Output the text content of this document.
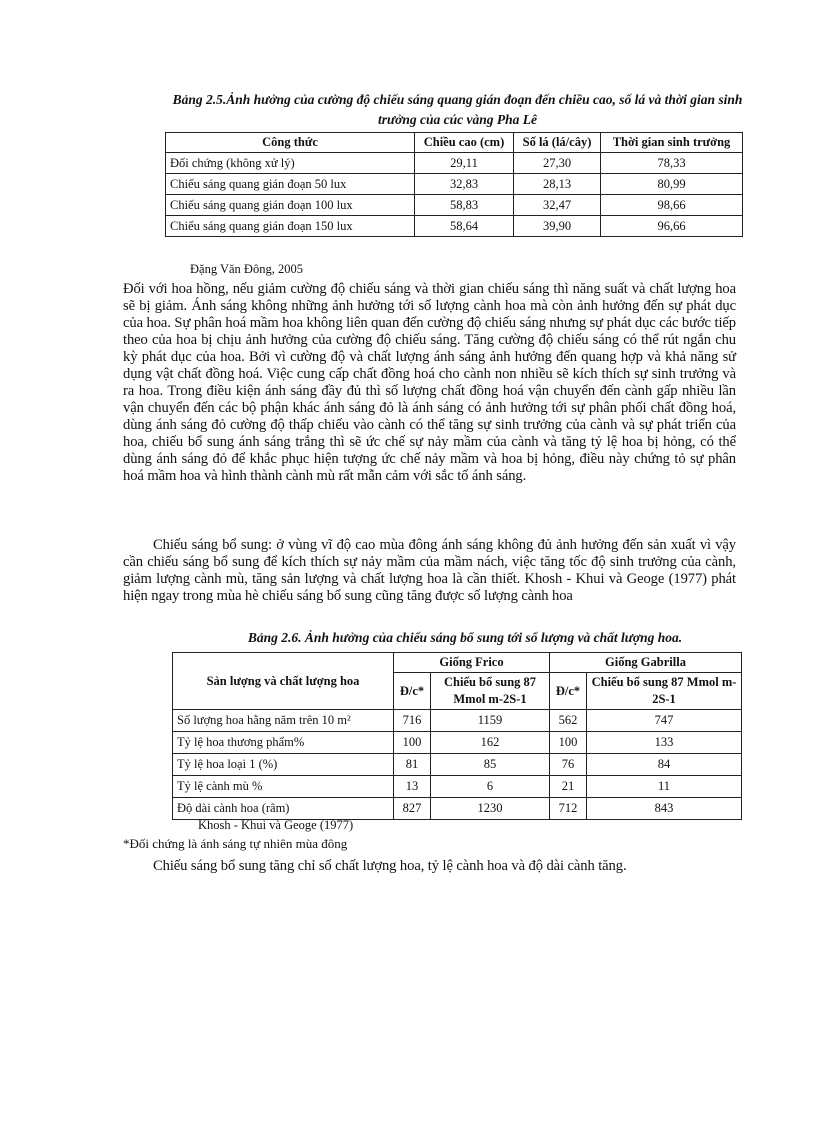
Bảng 2.5.Ảnh hưởng của cường độ chiếu sáng quang gián đoạn đến chiều cao, số lá và thời gian sinh trưởng của cúc vàng Pha Lê
Công thức	Chiều cao (cm)	Số lá (lá/cây)	Thời gian sinh trưởng
Đối chứng (không xử lý)	29,11	27,30	78,33
Chiếu sáng quang gián đoạn 50 lux	32,83	28,13	80,99
Chiếu sáng quang gián đoạn 100 lux	58,83	32,47	98,66
Chiếu sáng quang gián đoạn 150 lux	58,64	39,90	96,66
Đặng Văn Đông, 2005
Đối với hoa hồng, nếu giảm cường độ chiếu sáng và thời gian chiếu sáng thì năng suất và chất lượng hoa sẽ bị giảm. Ánh sáng không những ảnh hưởng tới số lượng cành hoa mà còn ảnh hưởng đến sự phát dục của hoa. Sự phân hoá mầm hoa không liên quan đến cường độ chiếu sáng nhưng sự phát dục các bước tiếp theo của hoa bị chịu ảnh hưởng của cường độ chiếu sáng. Tăng cường độ chiếu sáng có thể rút ngắn chu kỳ phát dục của hoa. Bởi vì cường độ và chất lượng ánh sáng ảnh hưởng đến quang hợp và khả năng sử dụng vật chất đồng hoá. Việc cung cấp chất đồng hoá cho cành non nhiều sẽ kích thích sự sinh trưởng và ra hoa. Trong điều kiện ánh sáng đầy đủ thì số lượng chất đồng hoá vận chuyển đến cành gấp nhiều lần vận chuyển đến các bộ phận khác ánh sáng đỏ là ánh sáng có ảnh hưởng tới sự phân phối chất đồng hoá, dùng ánh sáng đỏ cường độ thấp chiếu vào cành có thể tăng sự sinh trưởng của cành và sự phát triển của hoa, chiếu bổ sung ánh sáng trắng thì sẽ ức chế sự nảy mầm của cành và tăng tỷ lệ hoa bị hỏng, có thể dùng ánh sáng đỏ để khắc phục hiện tượng ức chế nảy mầm và hoa bị hỏng, điều này chứng tỏ sự phân hoá mầm hoa và hình thành cành mù rất mẫn cảm với sắc tố ánh sáng.
Chiếu sáng bổ sung: ở vùng vĩ độ cao mùa đông ánh sáng không đủ ảnh hưởng đến sản xuất vì vậy cần chiếu sáng bổ sung để kích thích sự nảy mầm của mầm nách, việc tăng tốc độ sinh trưởng của cành, giảm lượng cành mù, tăng sản lượng và chất lượng hoa là cần thiết. Khosh - Khui và Geoge (1977) phát hiện ngay trong mùa hè chiếu sáng bổ sung cũng tăng được số lượng cành hoa
Bảng 2.6. Ảnh hưởng của chiếu sáng bổ sung tới số lượng và chất lượng hoa.
Sản lượng và chất lượng hoa	Giống Frico		Giống Gabrilla	
	Đ/c*	Chiếu bổ sung 87 Mmol m-2S-1	Đ/c*	Chiếu bổ sung 87 Mmol m-2S-1
Số lượng hoa hằng năm trên 10 m²	716	1159	562	747
Tỷ lệ hoa thương phẩm%	100	162	100	133
Tỷ lệ hoa loại 1 (%)	81	85	76	84
Tỷ lệ cành mù %	13	6	21	11
Độ dài cành hoa (râm)	827	1230	712	843
Khosh - Khui và Geoge (1977)
*Đối chứng là ánh sáng tự nhiên mùa đông
Chiếu sáng bổ sung tăng chỉ số chất lượng hoa, tỷ lệ cành hoa và độ dài cành tăng.
